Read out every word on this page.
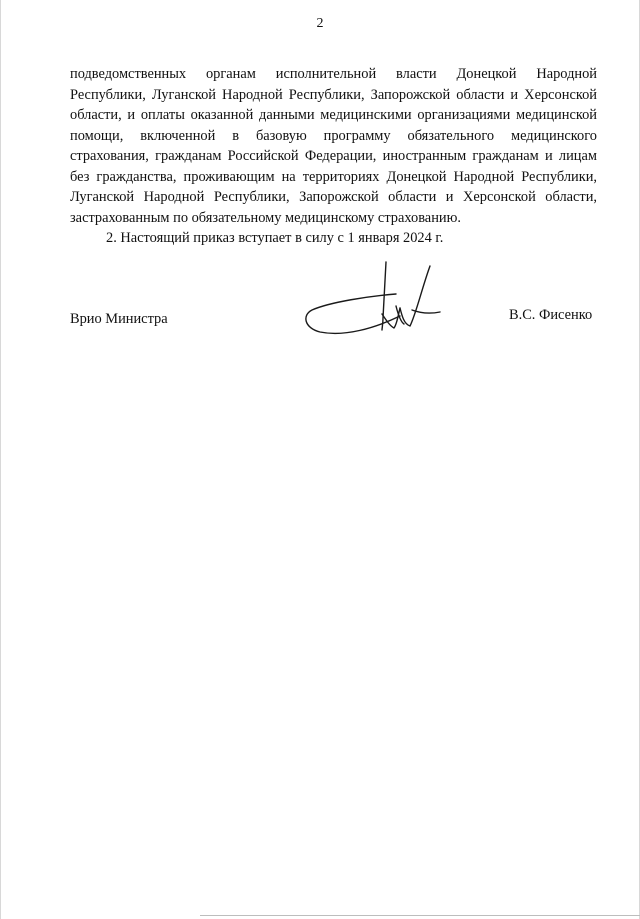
2

подведомственных органам исполнительной власти Донецкой Народной
Республики, Луганской Народной Республики, Запорожской области и Херсонской
области, и оплаты оказанной данными медицинскими организациями медицинской
помощи, включенной в базовую программу обязательного медицинского
страхования, гражданам Российской Федерации, иностранным гражданам и лицам
без гражданства, проживающим на территориях Донецкой Народной Республики,
Луганской Народной Республики, Запорожской области и Херсонской области,
застрахованным по обязательному медицинскому страхованию.

2. Настоящий приказ вступает в силу с 1 января 2024 г.

Врио Министра	В.С. Фисенко
